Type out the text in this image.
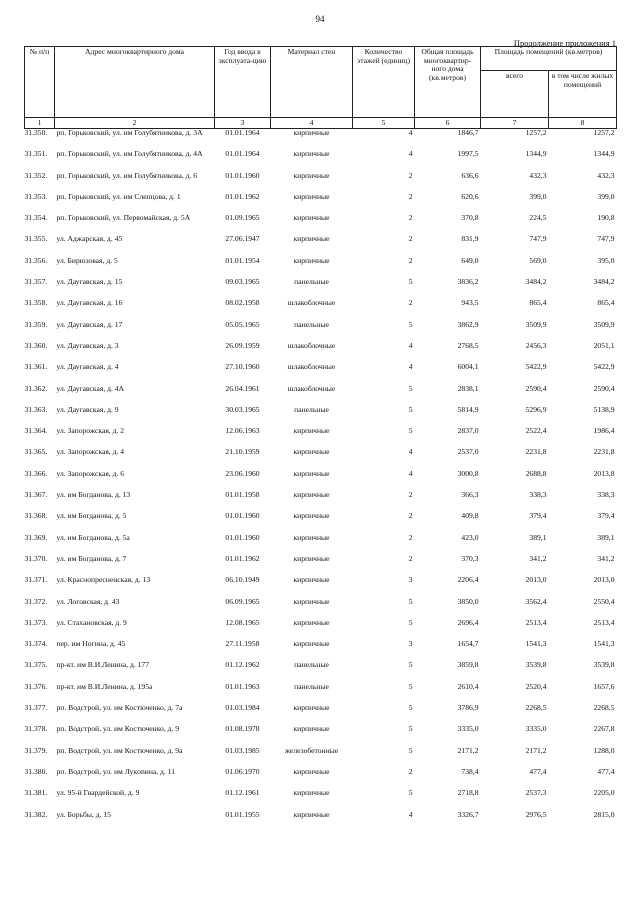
94
Продолжение приложения 1
№ п/п	Адрес многоквартирного дома	Год ввода в эксплуата-цию	Материал стен	Количество этажей (единиц)	Общая площадь многоквартир-ного дома (кв.метров)	Площадь помещений (кв.метров)	
						всего	в том числе жилых помещений
1	2	3	4	5	6	7	8
31.350.	рп. Горьковский, ул. им Голубятникова, д. 3А	01.01.1964	кирпичные	4	1846,7	1257,2	1257,2
31.351.	рп. Горьковский, ул. им Голубятникова, д. 4А	01.01.1964	кирпичные	4	1997,5	1344,9	1344,9
31.352.	рп. Горьковский, ул. им Голубятникова, д. 6	01.01.1960	кирпичные	2	636,6	432,3	432,3
31.353.	рп. Горьковский, ул. им Слепцова, д. 1	01.01.1962	кирпичные	2	620,6	399,0	399,0
31.354.	рп. Горьковский, ул. Первомайская, д. 5А	01.09.1965	кирпичные	2	370,8	224,5	190,8
31.355.	ул. Аджарская, д. 45	27.06.1947	кирпичные	2	831,9	747,9	747,9
31.356.	ул. Бирюзовая, д. 5	01.01.1954	кирпичные	2	649,0	569,0	395,0
31.357.	ул. Даугавская, д. 15	09.03.1965	панельные	5	3836,2	3484,2	3484,2
31.358.	ул. Даугавская, д. 16	08.02.1958	шлакоблочные	2	943,5	865,4	865,4
31.359.	ул. Даугавская, д. 17	05.05.1965	панельные	5	3862,9	3509,9	3509,9
31.360.	ул. Даугавская, д. 3	26.09.1959	шлакоблочные	4	2768,5	2456,3	2051,1
31.361.	ул. Даугавская, д. 4	27.10.1960	шлакоблочные	4	6004,1	5422,9	5422,9
31.362.	ул. Даугавская, д. 4А	26.04.1961	шлакоблочные	5	2838,1	2590,4	2590,4
31.363.	ул. Даугавская, д. 9	30.03.1965	панельные	5	5814,9	5296,9	5138,9
31.364.	ул. Запорожская, д. 2	12.06.1963	кирпичные	5	2837,0	2522,4	1986,4
31.365.	ул. Запорожская, д. 4	21.10.1959	кирпичные	4	2537,0	2231,8	2231,8
31.366.	ул. Запорожская, д. 6	23.06.1960	кирпичные	4	3000,8	2688,8	2013,8
31.367.	ул. им Богданова, д. 13	01.01.1958	кирпичные	2	366,3	338,3	338,3
31.368.	ул. им Богданова, д. 5	01.01.1960	кирпичные	2	409,8	379,4	379,4
31.369.	ул. им Богданова, д. 5а	01.01.1960	кирпичные	2	423,0	389,1	389,1
31.370.	ул. им Богданова, д. 7	01.01.1962	кирпичные	2	370,3	341,2	341,2
31.371.	ул. Краснопресненская, д. 13	06.10.1949	кирпичные	3	2206,4	2013,0	2013,0
31.372.	ул. Логовская, д. 43	06.09.1965	кирпичные	5	3850,0	3562,4	2550,4
31.373.	ул. Стахановская, д. 9	12.08.1965	кирпичные	5	2696,4	2513,4	2513,4
31.374.	пер. им Ногина, д. 45	27.11.1958	кирпичные	3	1654,7	1541,3	1541,3
31.375.	пр-кт. им В.И.Ленина, д. 177	01.12.1962	панельные	5	3859,8	3539,8	3539,8
31.376.	пр-кт. им В.И.Ленина, д. 195а	01.01.1963	панельные	5	2610,4	2520,4	1657,6
31.377.	рп. Водстрой, ул. им Костюченко, д. 7а	01.03.1984	кирпичные	5	3786,9	2268,5	2268,5
31.378.	рп. Водстрой, ул. им Костюченко, д. 9	01.08.1978	кирпичные	5	3335,0	3335,0	2267,8
31.379.	рп. Водстрой, ул. им Костюченко, д. 9а	01.03.1985	железобетонные	5	2171,2	2171,2	1288,0
31.380.	рп. Водстрой, ул. им Лукonина, д. 11	01.06.1970	кирпичные	2	738,4	477,4	477,4
31.381.	ул. 95-й Гвардейской, д. 9	01.12.1961	кирпичные	5	2718,8	2537,3	2205,0
31.382.	ул. Борьбы, д. 15	01.01.1955	кирпичные	4	3326,7	2976,5	2815,0
